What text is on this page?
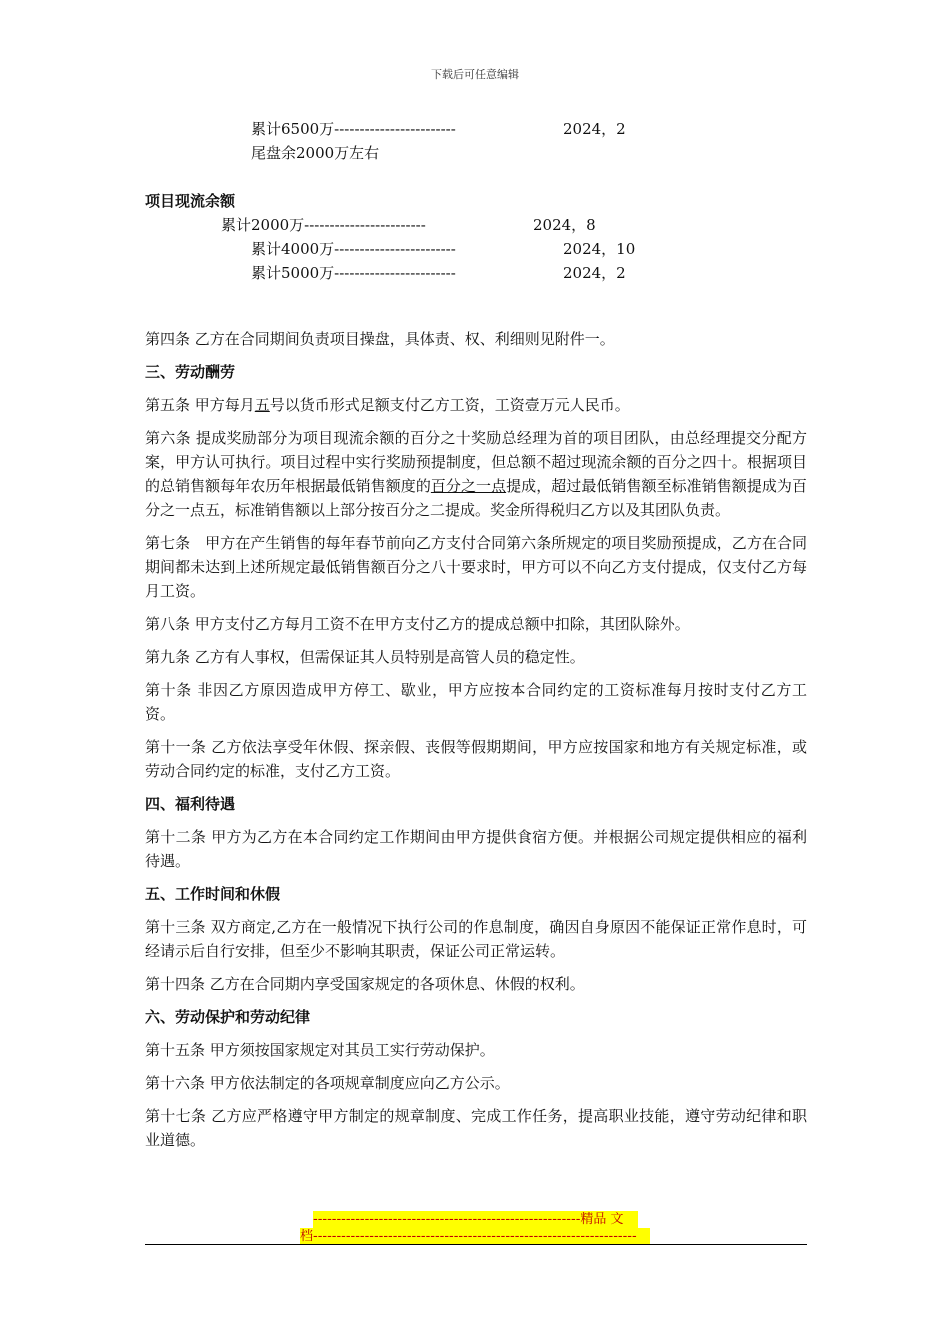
下载后可任意编辑
累计6500万------------------------	2024，2
尾盘余2000万左右
项目现流余额
累计2000万------------------------	2024，8
累计4000万------------------------	2024，10
累计5000万------------------------	2024，2

第四条 乙方在合同期间负责项目操盘，具体责、权、利细则见附件一。

三、劳动酬劳

第五条 甲方每月五号以货币形式足额支付乙方工资，工资壹万元人民币。

第六条 提成奖励部分为项目现流余额的百分之十奖励总经理为首的项目团队，由总经理提交分配方案，甲方认可执行。项目过程中实行奖励预提制度，但总额不超过现流余额的百分之四十。根据项目的总销售额每年农历年根据最低销售额度的百分之一点提成，超过最低销售额至标准销售额提成为百分之一点五，标准销售额以上部分按百分之二提成。奖金所得税归乙方以及其团队负责。

第七条　甲方在产生销售的每年春节前向乙方支付合同第六条所规定的项目奖励预提成，乙方在合同期间都未达到上述所规定最低销售额百分之八十要求时，甲方可以不向乙方支付提成，仅支付乙方每月工资。

第八条 甲方支付乙方每月工资不在甲方支付乙方的提成总额中扣除，其团队除外。

第九条 乙方有人事权，但需保证其人员特别是高管人员的稳定性。

第十条 非因乙方原因造成甲方停工、歇业，甲方应按本合同约定的工资标准每月按时支付乙方工资。

第十一条 乙方依法享受年休假、探亲假、丧假等假期期间，甲方应按国家和地方有关规定标准，或劳动合同约定的标准，支付乙方工资。

四、福利待遇

第十二条 甲方为乙方在本合同约定工作期间由甲方提供食宿方便。并根据公司规定提供相应的福利待遇。

五、工作时间和休假

第十三条 双方商定,乙方在一般情况下执行公司的作息制度，确因自身原因不能保证正常作息时，可经请示后自行安排，但至少不影响其职责，保证公司正常运转。

第十四条 乙方在合同期内享受国家规定的各项休息、休假的权利。

六、劳动保护和劳动纪律

第十五条 甲方须按国家规定对其员工实行劳动保护。

第十六条 甲方依法制定的各项规章制度应向乙方公示。

第十七条 乙方应严格遵守甲方制定的规章制度、完成工作任务，提高职业技能，遵守劳动纪律和职业道德。

---------------------------------------------------------精品 文
档---------------------------------------------------------------------
